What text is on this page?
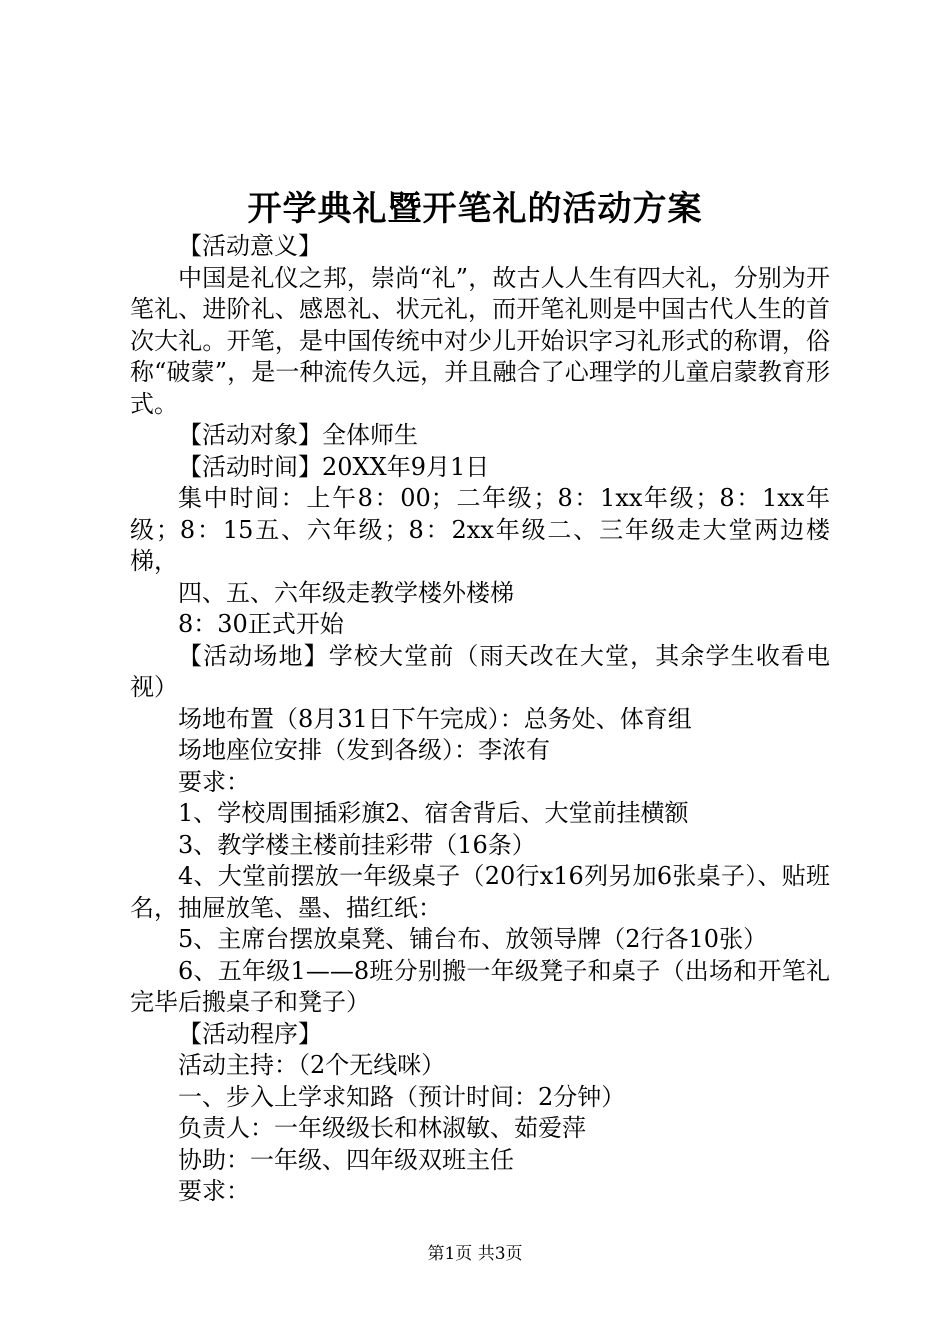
开学典礼暨开笔礼的活动方案

【活动意义】

中国是礼仪之邦，崇尚“礼”，故古人人生有四大礼，分别为开笔礼、进阶礼、感恩礼、状元礼，而开笔礼则是中国古代人生的首次大礼。开笔，是中国传统中对少儿开始识字习礼形式的称谓，俗称“破蒙”，是一种流传久远，并且融合了心理学的儿童启蒙教育形式。

【活动对象】全体师生

【活动时间】20XX年9月1日

集中时间：上午8：00；二年级；8：1xx年级；8：1xx年级；8：15五、六年级；8：2xx年级二、三年级走大堂两边楼梯，

四、五、六年级走教学楼外楼梯

8：30正式开始

【活动场地】学校大堂前（雨天改在大堂，其余学生收看电视）

场地布置（8月31日下午完成）：总务处、体育组

场地座位安排（发到各级）：李浓有

要求：

1、学校周围插彩旗2、宿舍背后、大堂前挂横额

3、教学楼主楼前挂彩带（16条）

4、大堂前摆放一年级桌子（20行x16列另加6张桌子）、贴班名，抽屉放笔、墨、描红纸：

5、主席台摆放桌凳、铺台布、放领导牌（2行各10张）

6、五年级1——8班分别搬一年级凳子和桌子（出场和开笔礼完毕后搬桌子和凳子）

【活动程序】

活动主持：（2个无线咪）

一、步入上学求知路（预计时间：2分钟）

负责人：一年级级长和林淑敏、茹爱萍

协助：一年级、四年级双班主任

要求：

第1页 共3页
